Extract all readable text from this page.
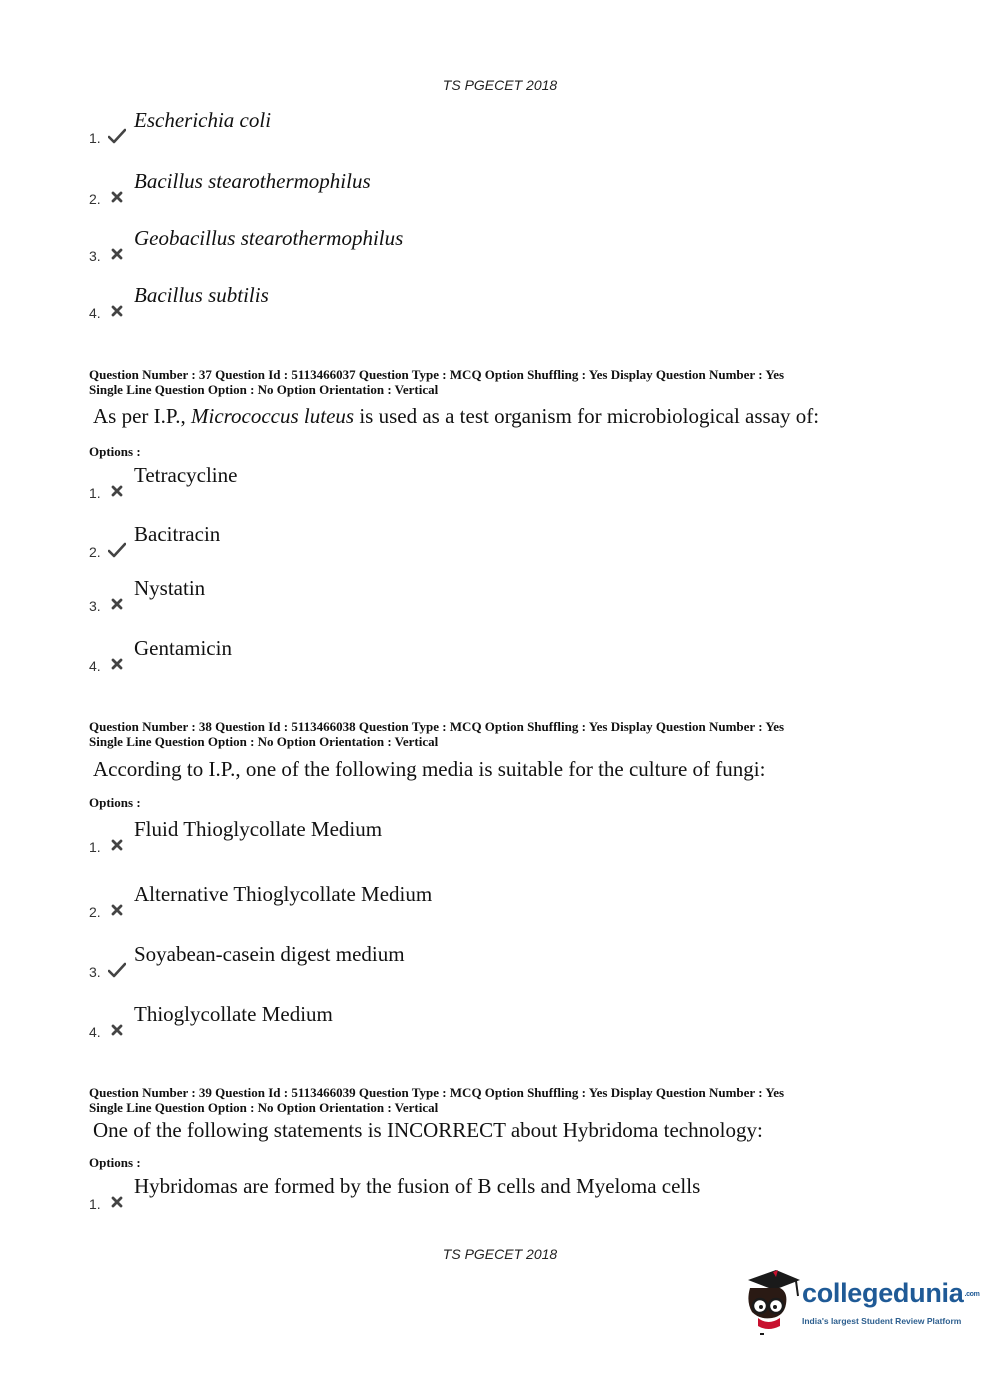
TS PGECET 2018
1.
Escherichia coli
2.
Bacillus stearothermophilus
3.
Geobacillus stearothermophilus
4.
Bacillus subtilis
Question Number : 37 Question Id : 5113466037 Question Type : MCQ Option Shuffling : Yes Display Question Number : Yes
Single Line Question Option : No Option Orientation : Vertical
As per I.P., Micrococcus luteus is used as a test organism for microbiological assay of:
Options :
1.
Tetracycline
2.
Bacitracin
3.
Nystatin
4.
Gentamicin
Question Number : 38 Question Id : 5113466038 Question Type : MCQ Option Shuffling : Yes Display Question Number : Yes
Single Line Question Option : No Option Orientation : Vertical
According to I.P., one of the following media is suitable for the culture of fungi:
Options :
1.
Fluid Thioglycollate Medium
2.
Alternative Thioglycollate Medium
3.
Soyabean-casein digest medium
4.
Thioglycollate Medium
Question Number : 39 Question Id : 5113466039 Question Type : MCQ Option Shuffling : Yes Display Question Number : Yes
Single Line Question Option : No Option Orientation : Vertical
One of the following statements is INCORRECT about Hybridoma technology:
Options :
1.
Hybridomas are formed by the fusion of B cells and Myeloma cells
TS PGECET 2018
collegedunia.com
India's largest Student Review Platform
